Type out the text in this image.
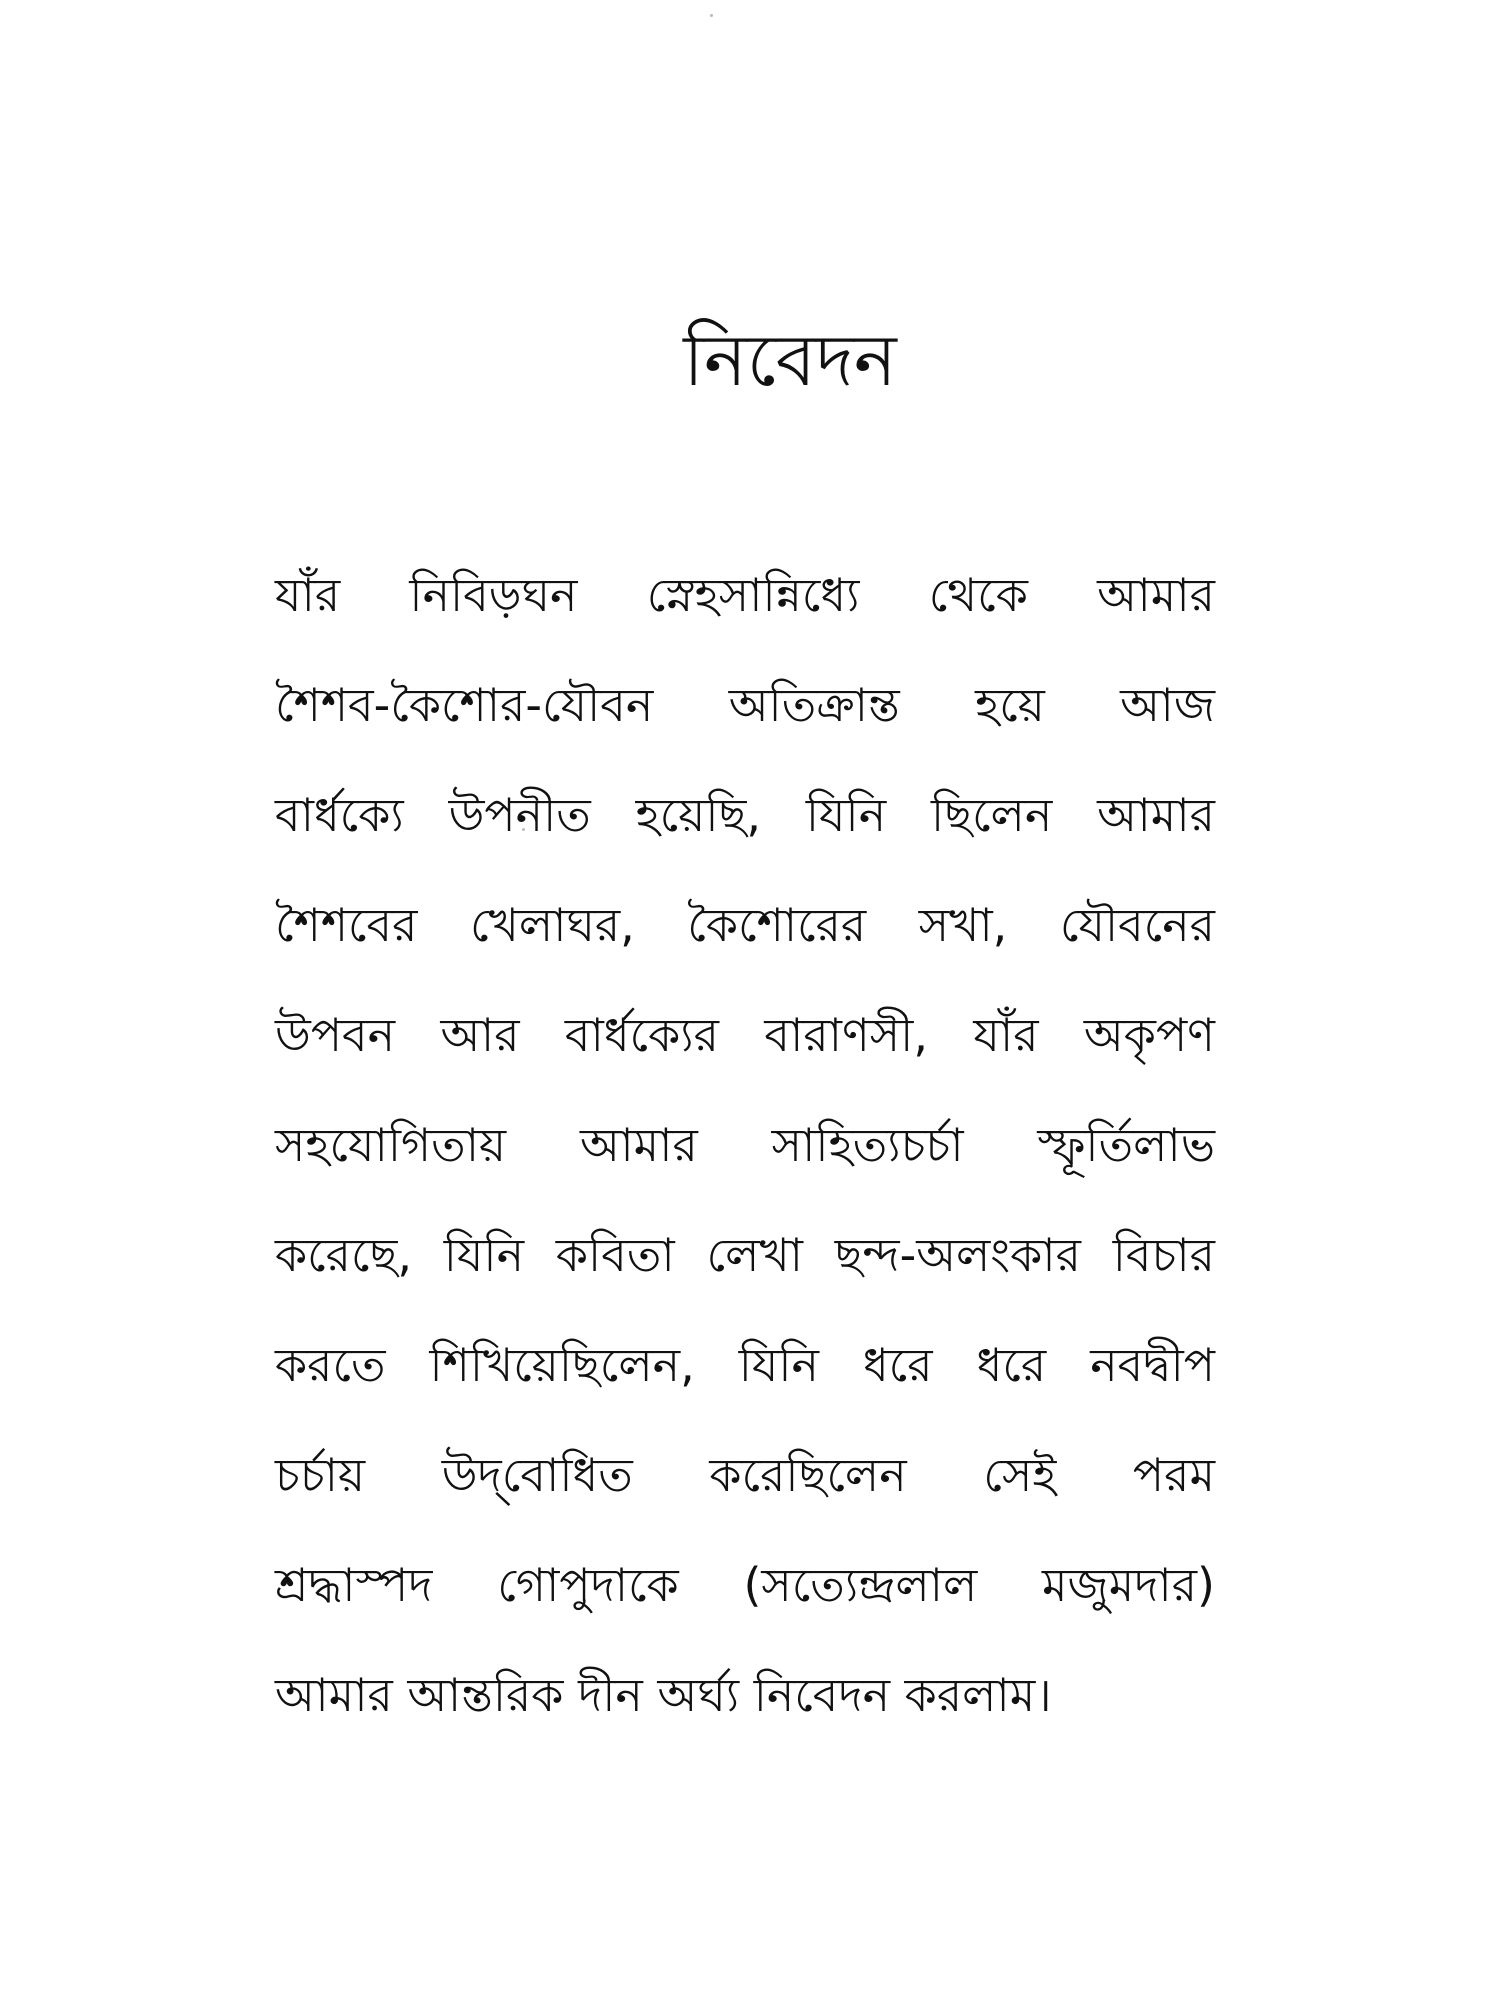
নিবেদন
যাঁর নিবিড়ঘন স্নেহসান্নিধ্যে থেকে আমার
শৈশব-কৈশোর-যৌবন অতিক্রান্ত হয়ে আজ
বার্ধক্যে উপনীত হয়েছি, যিনি ছিলেন আমার
শৈশবের খেলাঘর, কৈশোরের সখা, যৌবনের
উপবন আর বার্ধক্যের বারাণসী, যাঁর অকৃপণ
সহযোগিতায় আমার সাহিত্যচর্চা স্ফূর্তিলাভ
করেছে, যিনি কবিতা লেখা ছন্দ-অলংকার বিচার
করতে শিখিয়েছিলেন, যিনি ধরে ধরে নবদ্বীপ
চর্চায় উদ্‌বোধিত করেছিলেন সেই পরম
শ্রদ্ধাস্পদ গোপুদাকে (সত্যেন্দ্রলাল মজুমদার)
আমার আন্তরিক দীন অর্ঘ্য নিবেদন করলাম।
